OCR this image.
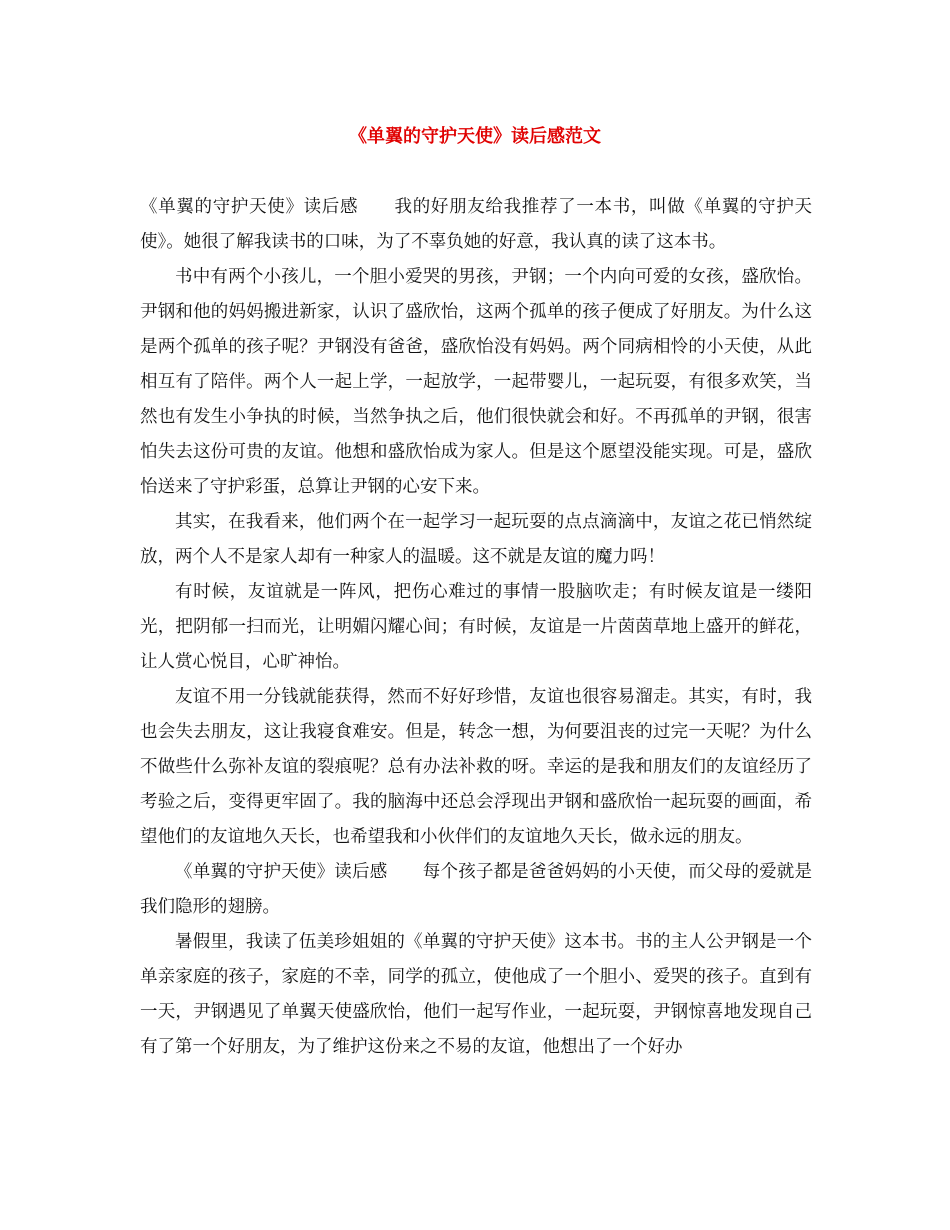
《单翼的守护天使》读后感范文

《单翼的守护天使》读后感　　我的好朋友给我推荐了一本书，叫做《单翼的守护天使》。她很了解我读书的口味，为了不辜负她的好意，我认真的读了这本书。

书中有两个小孩儿，一个胆小爱哭的男孩，尹钢；一个内向可爱的女孩，盛欣怡。尹钢和他的妈妈搬进新家，认识了盛欣怡，这两个孤单的孩子便成了好朋友。为什么这是两个孤单的孩子呢？尹钢没有爸爸，盛欣怡没有妈妈。两个同病相怜的小天使，从此相互有了陪伴。两个人一起上学，一起放学，一起带婴儿，一起玩耍，有很多欢笑，当然也有发生小争执的时候，当然争执之后，他们很快就会和好。不再孤单的尹钢，很害怕失去这份可贵的友谊。他想和盛欣怡成为家人。但是这个愿望没能实现。可是，盛欣怡送来了守护彩蛋，总算让尹钢的心安下来。

其实，在我看来，他们两个在一起学习一起玩耍的点点滴滴中，友谊之花已悄然绽放，两个人不是家人却有一种家人的温暖。这不就是友谊的魔力吗！

有时候，友谊就是一阵风，把伤心难过的事情一股脑吹走；有时候友谊是一缕阳光，把阴郁一扫而光，让明媚闪耀心间；有时候，友谊是一片茵茵草地上盛开的鲜花，让人赏心悦目，心旷神怡。

友谊不用一分钱就能获得，然而不好好珍惜，友谊也很容易溜走。其实，有时，我也会失去朋友，这让我寝食难安。但是，转念一想，为何要沮丧的过完一天呢？为什么不做些什么弥补友谊的裂痕呢？总有办法补救的呀。幸运的是我和朋友们的友谊经历了考验之后，变得更牢固了。我的脑海中还总会浮现出尹钢和盛欣怡一起玩耍的画面，希望他们的友谊地久天长，也希望我和小伙伴们的友谊地久天长，做永远的朋友。

《单翼的守护天使》读后感　　每个孩子都是爸爸妈妈的小天使，而父母的爱就是我们隐形的翅膀。

暑假里，我读了伍美珍姐姐的《单翼的守护天使》这本书。书的主人公尹钢是一个单亲家庭的孩子，家庭的不幸，同学的孤立，使他成了一个胆小、爱哭的孩子。直到有一天，尹钢遇见了单翼天使盛欣怡，他们一起写作业，一起玩耍，尹钢惊喜地发现自己有了第一个好朋友，为了维护这份来之不易的友谊，他想出了一个好办
